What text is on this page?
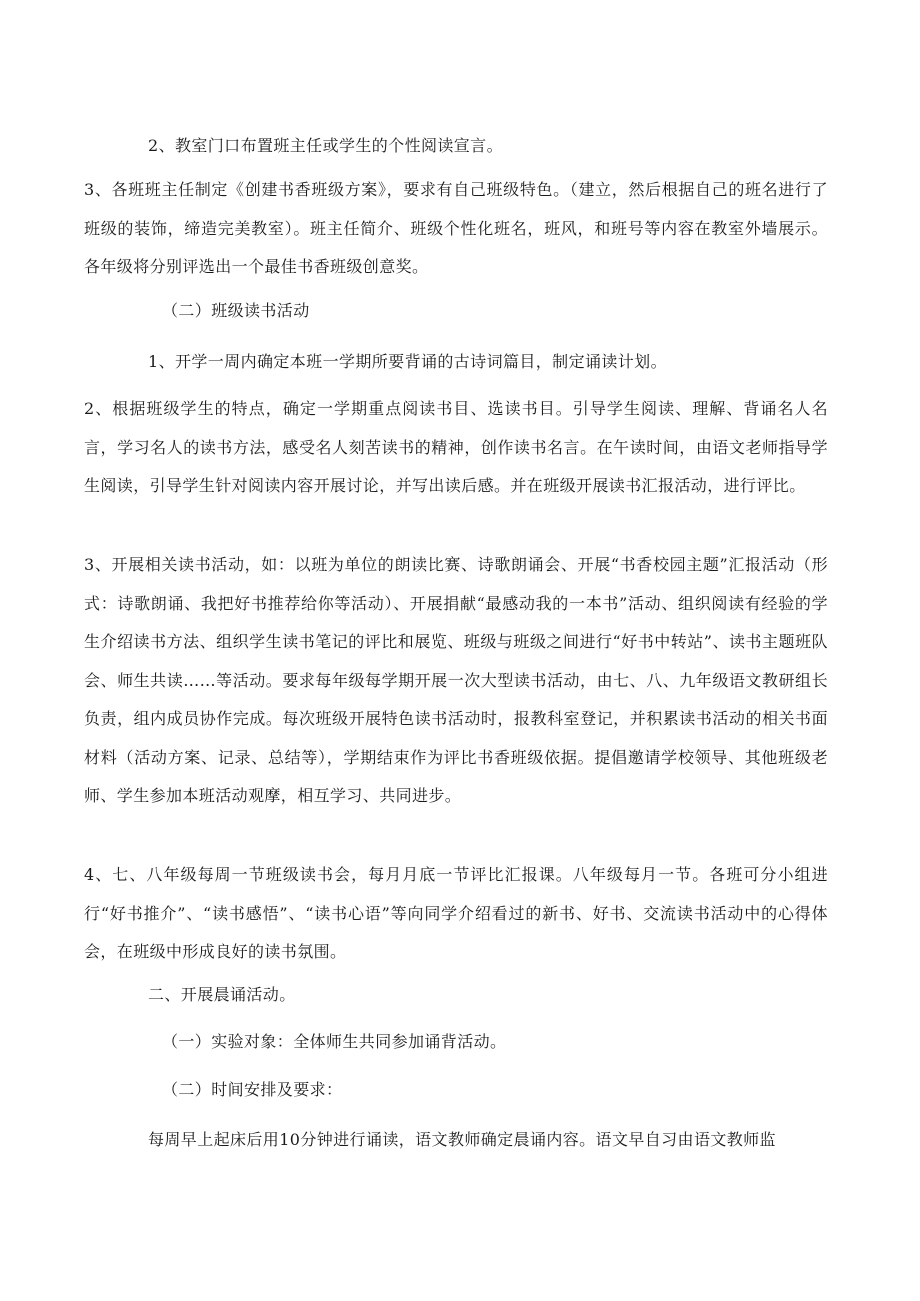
2、教室门口布置班主任或学生的个性阅读宣言。

3、各班班主任制定《创建书香班级方案》，要求有自己班级特色。（建立，然后根据自己的班名进行了班级的装饰，缔造完美教室）。班主任简介、班级个性化班名，班风，和班号等内容在教室外墙展示。各年级将分别评选出一个最佳书香班级创意奖。

（二）班级读书活动

1、开学一周内确定本班一学期所要背诵的古诗词篇目，制定诵读计划。

2、根据班级学生的特点，确定一学期重点阅读书目、选读书目。引导学生阅读、理解、背诵名人名言，学习名人的读书方法，感受名人刻苦读书的精神，创作读书名言。在午读时间，由语文老师指导学生阅读，引导学生针对阅读内容开展讨论，并写出读后感。并在班级开展读书汇报活动，进行评比。

3、开展相关读书活动，如：以班为单位的朗读比赛、诗歌朗诵会、开展“书香校园主题”汇报活动（形式：诗歌朗诵、我把好书推荐给你等活动）、开展捐献“最感动我的一本书”活动、组织阅读有经验的学生介绍读书方法、组织学生读书笔记的评比和展览、班级与班级之间进行“好书中转站”、读书主题班队会、师生共读……等活动。要求每年级每学期开展一次大型读书活动，由七、八、九年级语文教研组长负责，组内成员协作完成。每次班级开展特色读书活动时，报教科室登记，并积累读书活动的相关书面材料（活动方案、记录、总结等），学期结束作为评比书香班级依据。提倡邀请学校领导、其他班级老师、学生参加本班活动观摩，相互学习、共同进步。

4、七、八年级每周一节班级读书会，每月月底一节评比汇报课。八年级每月一节。各班可分小组进行“好书推介”、“读书感悟”、“读书心语”等向同学介绍看过的新书、好书、交流读书活动中的心得体会，在班级中形成良好的读书氛围。

二、开展晨诵活动。

（一）实验对象：全体师生共同参加诵背活动。

（二）时间安排及要求：

每周早上起床后用10分钟进行诵读，语文教师确定晨诵内容。语文早自习由语文教师监
